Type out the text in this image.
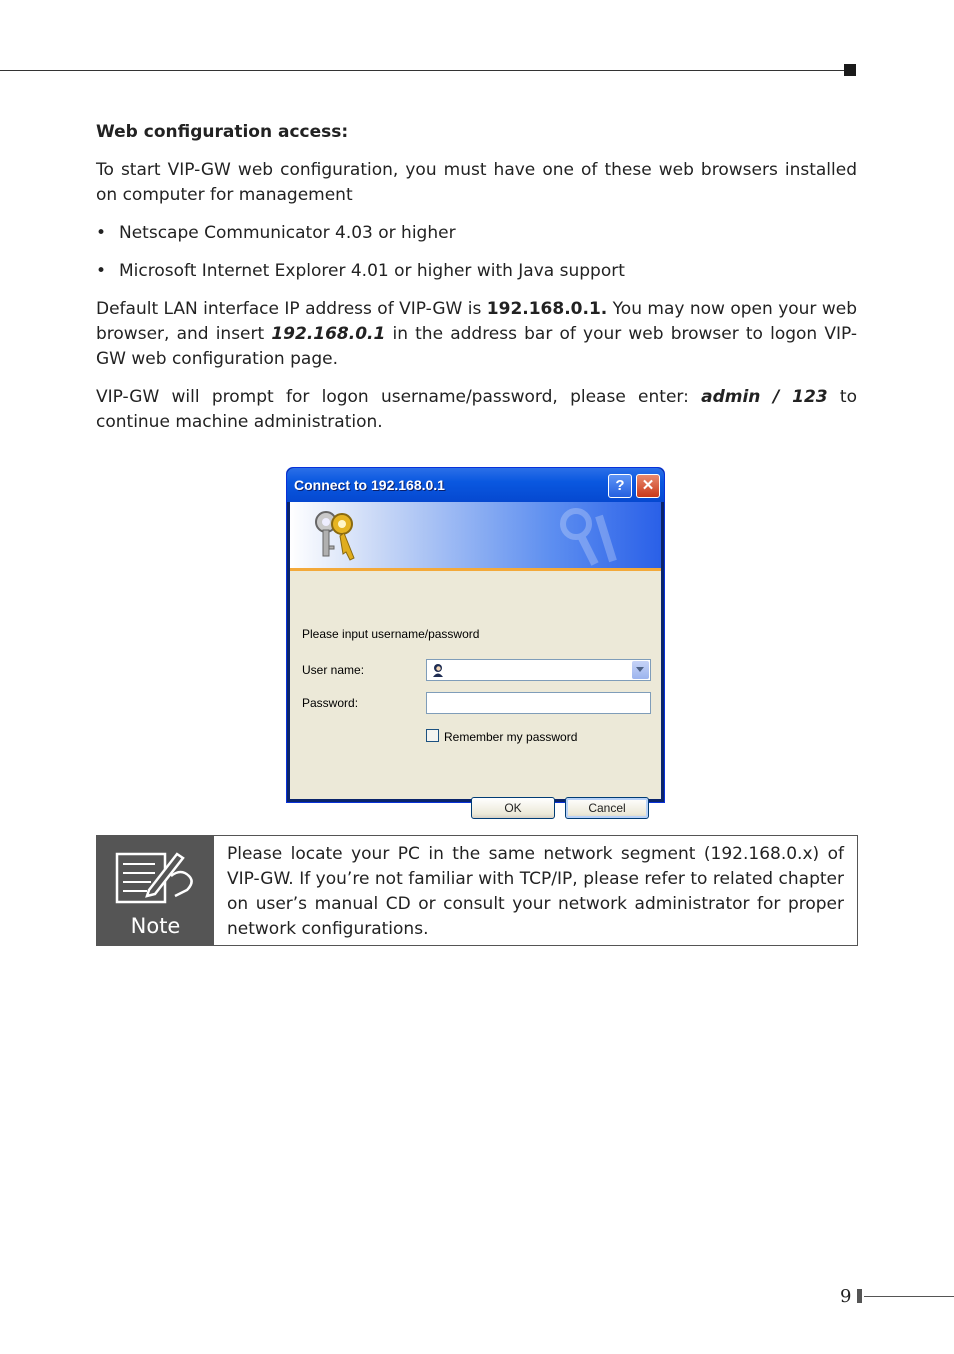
Web configuration access:

To start VIP-GW web configuration, you must have one of these web browsers installed on computer for management

• Netscape Communicator 4.03 or higher
• Microsoft Internet Explorer 4.01 or higher with Java support

Default LAN interface IP address of VIP-GW is 192.168.0.1. You may now open your web browser, and insert 192.168.0.1 in the address bar of your web browser to logon VIP-GW web configuration page.

VIP-GW will prompt for logon username/password, please enter: admin / 123 to continue machine administration.

Connect to 192.168.0.1	?	✕
Please input username/password
User name:
Password:
Remember my password
OK	Cancel
Note
Please locate your PC in the same network segment (192.168.0.x) of VIP-GW. If you’re not familiar with TCP/IP, please refer to related chapter on user’s manual CD or consult your network administrator for proper network configurations.
9
